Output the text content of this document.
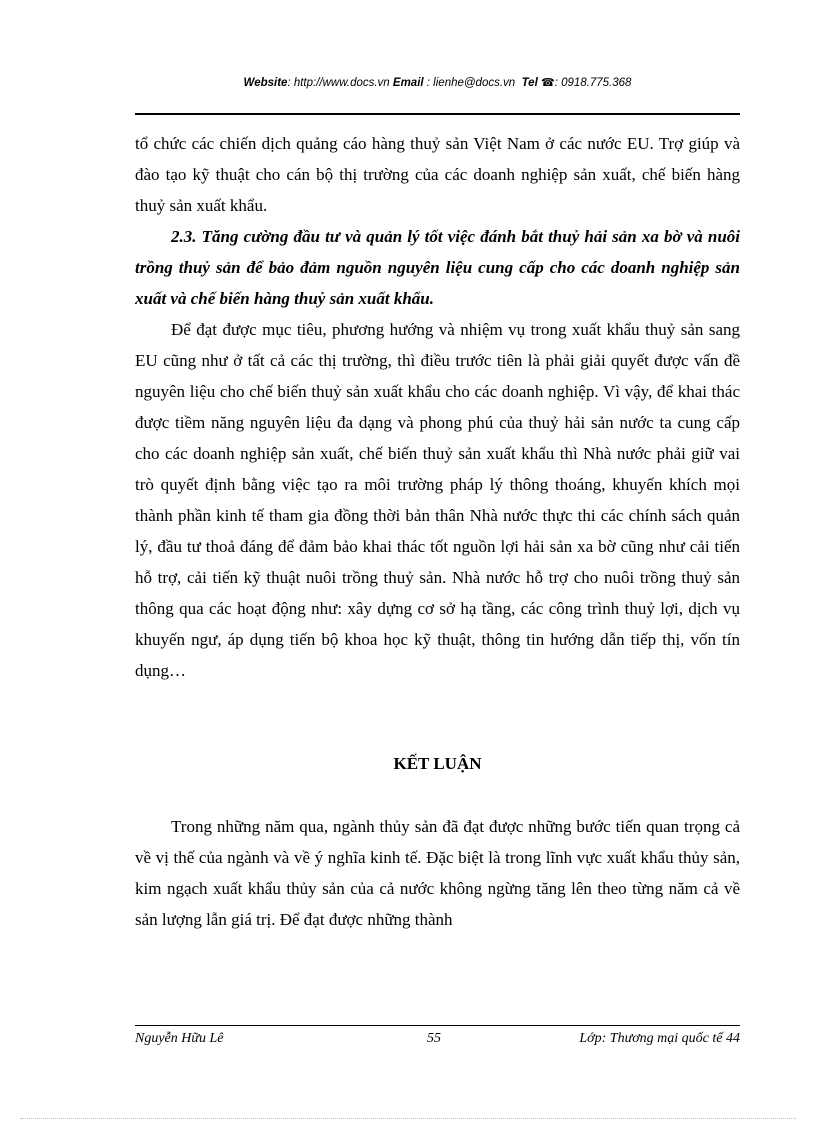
Website: http://www.docs.vn Email : lienhe@docs.vn Tel ☎: 0918.775.368

tổ chức các chiến dịch quảng cáo hàng thuỷ sản Việt Nam ở các nước EU. Trợ giúp và đào tạo kỹ thuật cho cán bộ thị trường của các doanh nghiệp sản xuất, chế biến hàng thuỷ sản xuất khẩu.

2.3. Tăng cường đầu tư và quản lý tốt việc đánh bắt thuỷ hải sản xa bờ và nuôi trồng thuỷ sản để bảo đảm nguồn nguyên liệu cung cấp cho các doanh nghiệp sản xuất và chế biến hàng thuỷ sản xuất khẩu.

Để đạt được mục tiêu, phương hướng và nhiệm vụ trong xuất khẩu thuỷ sản sang EU cũng như ở tất cả các thị trường, thì điều trước tiên là phải giải quyết được vấn đề nguyên liệu cho chế biến thuỷ sản xuất khẩu cho các doanh nghiệp. Vì vậy, để khai thác được tiềm năng nguyên liệu đa dạng và phong phú của thuỷ hải sản nước ta cung cấp cho các doanh nghiệp sản xuất, chế biến thuỷ sản xuất khẩu thì Nhà nước phải giữ vai trò quyết định bằng việc tạo ra môi trường pháp lý thông thoáng, khuyến khích mọi thành phần kinh tế tham gia đồng thời bản thân Nhà nước thực thi các chính sách quản lý, đầu tư thoả đáng để đảm bảo khai thác tốt nguồn lợi hải sản xa bờ cũng như cải tiến hỗ trợ, cải tiến kỹ thuật nuôi trồng thuỷ sản. Nhà nước hỗ trợ cho nuôi trồng thuỷ sản thông qua các hoạt động như: xây dựng cơ sở hạ tầng, các công trình thuỷ lợi, dịch vụ khuyến ngư, áp dụng tiến bộ khoa học kỹ thuật, thông tin hướng dẫn tiếp thị, vốn tín dụng…

KẾT LUẬN

Trong những năm qua, ngành thủy sản đã đạt được những bước tiến quan trọng cả về vị thế của ngành và về ý nghĩa kinh tế. Đặc biệt là trong lĩnh vực xuất khẩu thủy sản, kim ngạch xuất khẩu thủy sản của cả nước không ngừng tăng lên theo từng năm cả về sản lượng lẫn giá trị. Để đạt được những thành

Nguyễn Hữu Lê	55	Lớp: Thương mại quốc tế 44
